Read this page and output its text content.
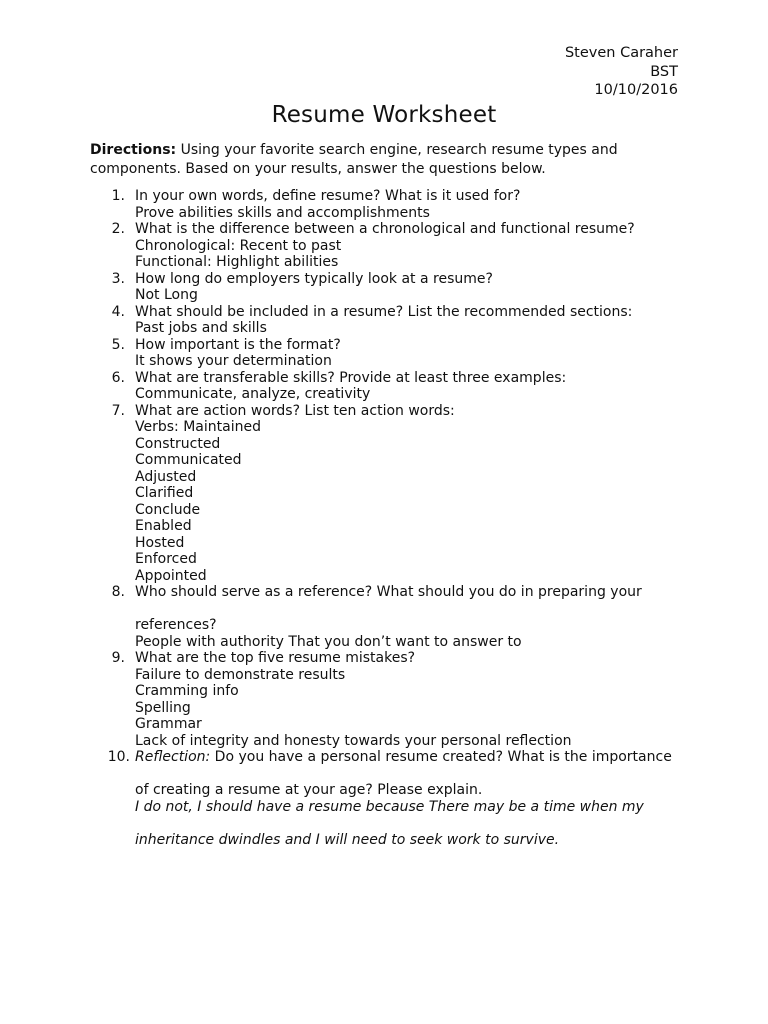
Steven Caraher
BST
10/10/2016
Resume Worksheet
Directions: Using your favorite search engine, research resume types and components. Based on your results, answer the questions below.
1. In your own words, define resume? What is it used for?
Prove abilities skills and accomplishments
2. What is the difference between a chronological and functional resume?
Chronological: Recent to past
Functional: Highlight abilities
3. How long do employers typically look at a resume?
Not Long
4. What should be included in a resume? List the recommended sections:
Past jobs and skills
5. How important is the format?
It shows your determination
6. What are transferable skills? Provide at least three examples:
Communicate, analyze, creativity
7. What are action words? List ten action words:
Verbs: Maintained
Constructed
Communicated
Adjusted
Clarified
Conclude
Enabled
Hosted
Enforced
Appointed
8. Who should serve as a reference? What should you do in preparing your
references?
People with authority That you don’t want to answer to
9. What are the top five resume mistakes?
Failure to demonstrate results
Cramming info
Spelling
Grammar
Lack of integrity and honesty towards your personal reflection
10. Reflection: Do you have a personal resume created? What is the importance
of creating a resume at your age? Please explain.
I do not, I should have a resume because There may be a time when my
inheritance dwindles and I will need to seek work to survive.
